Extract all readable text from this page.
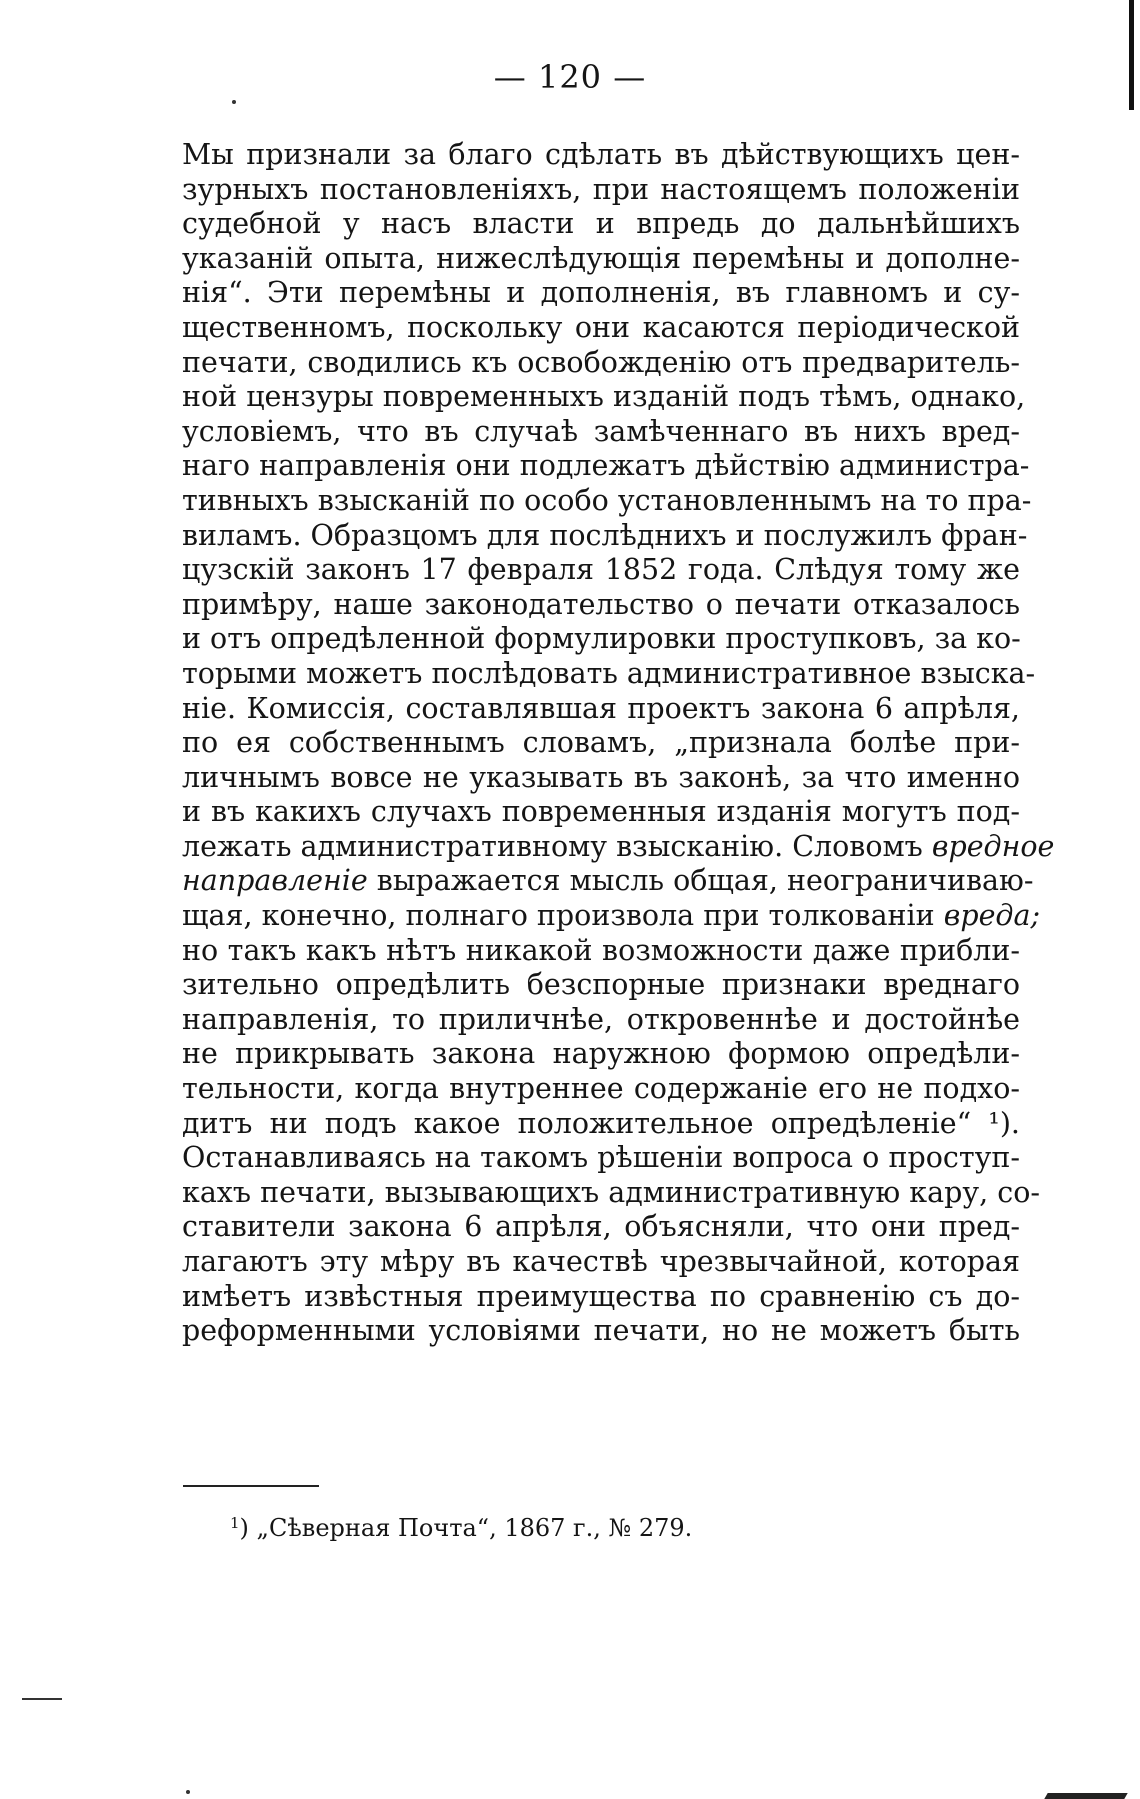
— 120 —
Мы признали за благо сдѣлать въ дѣйствующихъ цен-
зурныхъ постановленіяхъ, при настоящемъ положеніи
судебной у насъ власти и впредь до дальнѣйшихъ
указаній опыта, нижеслѣдующія перемѣны и дополне-
нія“. Эти перемѣны и дополненія, въ главномъ и су-
щественномъ, поскольку они касаются періодической
печати, сводились къ освобожденію отъ предваритель-
ной цензуры повременныхъ изданій подъ тѣмъ, однако,
условіемъ, что въ случаѣ замѣченнаго въ нихъ вред-
наго направленія они подлежатъ дѣйствію администра-
тивныхъ взысканій по особо установленнымъ на то пра-
виламъ. Образцомъ для послѣднихъ и послужилъ фран-
цузскій законъ 17 февраля 1852 года. Слѣдуя тому же
примѣру, наше законодательство о печати отказалось
и отъ опредѣленной формулировки проступковъ, за ко-
торыми можетъ послѣдовать административное взыска-
ніе. Комиссія, составлявшая проектъ закона 6 апрѣля,
по ея собственнымъ словамъ, „признала болѣе при-
личнымъ вовсе не указывать въ законѣ, за что именно
и въ какихъ случахъ повременныя изданія могутъ под-
лежать административному взысканію. Словомъ вредное
направленіе выражается мысль общая, неограничиваю-
щая, конечно, полнаго произвола при толкованіи вреда;
но такъ какъ нѣтъ никакой возможности даже прибли-
зительно опредѣлить безспорные признаки вреднаго
направленія, то приличнѣе, откровеннѣе и достойнѣе
не прикрывать закона наружною формою опредѣли-
тельности, когда внутреннее содержаніе его не подхо-
дитъ ни подъ какое положительное опредѣленіе“ ¹).
Останавливаясь на такомъ рѣшеніи вопроса о проступ-
кахъ печати, вызывающихъ административную кару, со-
ставители закона 6 апрѣля, объясняли, что они пред-
лагаютъ эту мѣру въ качествѣ чрезвычайной, которая
имѣетъ извѣстныя преимущества по сравненію съ до-
реформенными условіями печати, но не можетъ быть
$^1$) „Сѣверная Почта“, 1867 г., № 279.
